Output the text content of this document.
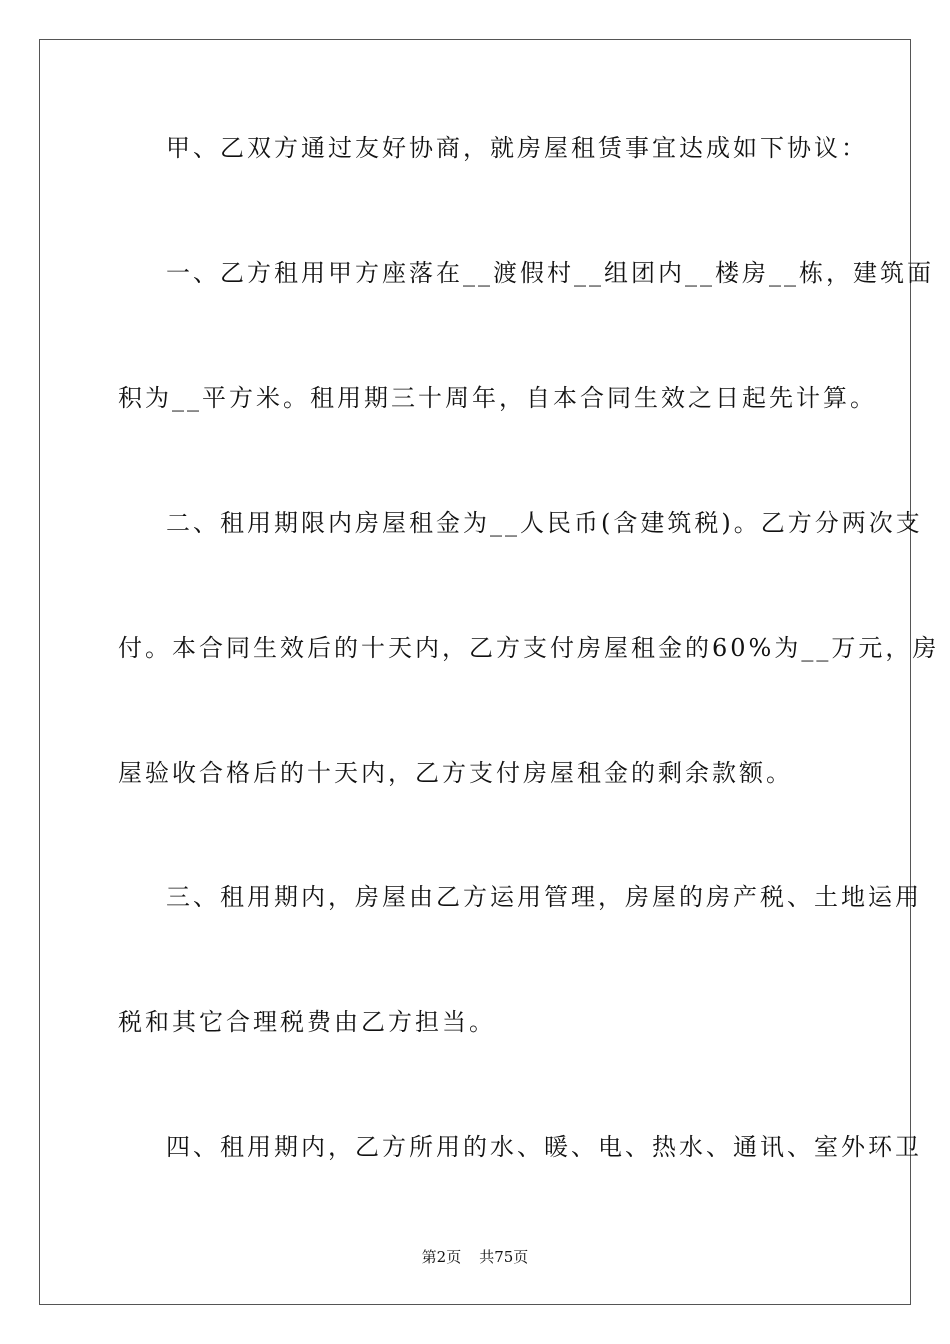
甲、乙双方通过友好协商，就房屋租赁事宜达成如下协议：
一、乙方租用甲方座落在__渡假村__组团内__楼房__栋，建筑面
积为__平方米。租用期三十周年，自本合同生效之日起先计算。
二、租用期限内房屋租金为__人民币(含建筑税)。乙方分两次支
付。本合同生效后的十天内，乙方支付房屋租金的60%为__万元，房
屋验收合格后的十天内，乙方支付房屋租金的剩余款额。
三、租用期内，房屋由乙方运用管理，房屋的房产税、土地运用
税和其它合理税费由乙方担当。
四、租用期内，乙方所用的水、暖、电、热水、通讯、室外环卫
第2页 共75页
